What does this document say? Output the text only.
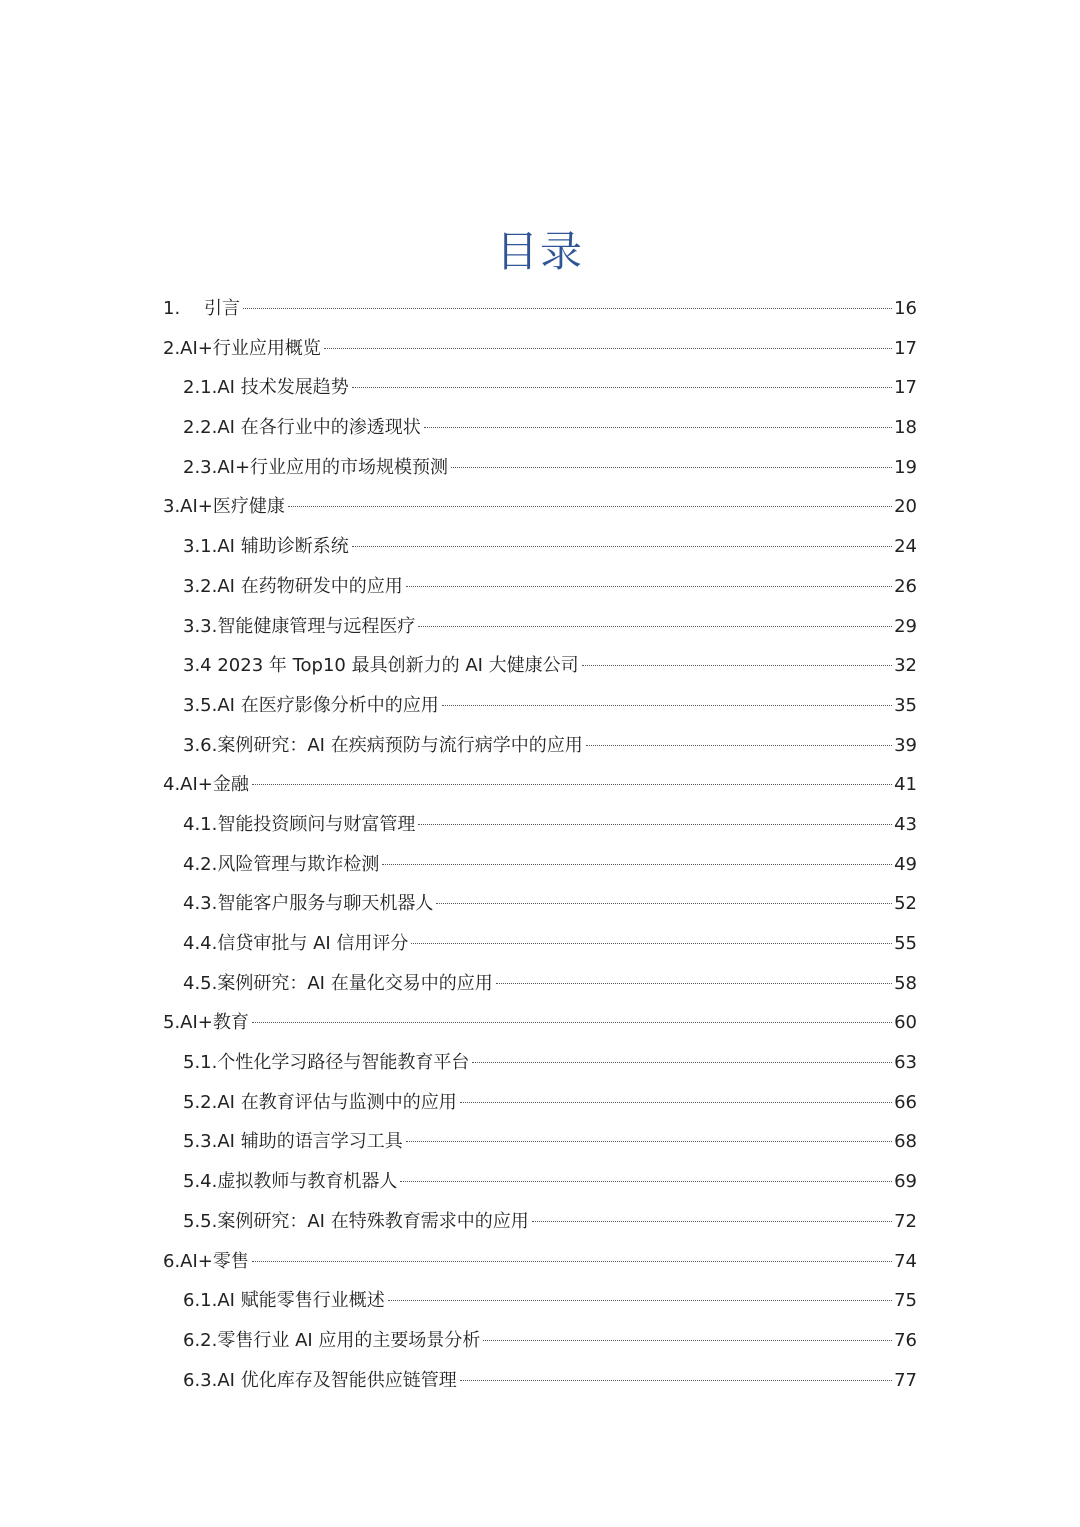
目录
1. 引言	16
2.AI+行业应用概览	17
2.1.AI 技术发展趋势	17
2.2.AI 在各行业中的渗透现状	18
2.3.AI+行业应用的市场规模预测	19
3.AI+医疗健康	20
3.1.AI 辅助诊断系统	24
3.2.AI 在药物研发中的应用	26
3.3.智能健康管理与远程医疗	29
3.4 2023 年 Top10 最具创新力的 AI 大健康公司	32
3.5.AI 在医疗影像分析中的应用	35
3.6.案例研究：AI 在疾病预防与流行病学中的应用	39
4.AI+金融	41
4.1.智能投资顾问与财富管理	43
4.2.风险管理与欺诈检测	49
4.3.智能客户服务与聊天机器人	52
4.4.信贷审批与 AI 信用评分	55
4.5.案例研究：AI 在量化交易中的应用	58
5.AI+教育	60
5.1.个性化学习路径与智能教育平台	63
5.2.AI 在教育评估与监测中的应用	66
5.3.AI 辅助的语言学习工具	68
5.4.虚拟教师与教育机器人	69
5.5.案例研究：AI 在特殊教育需求中的应用	72
6.AI+零售	74
6.1.AI 赋能零售行业概述	75
6.2.零售行业 AI 应用的主要场景分析	76
6.3.AI 优化库存及智能供应链管理	77
